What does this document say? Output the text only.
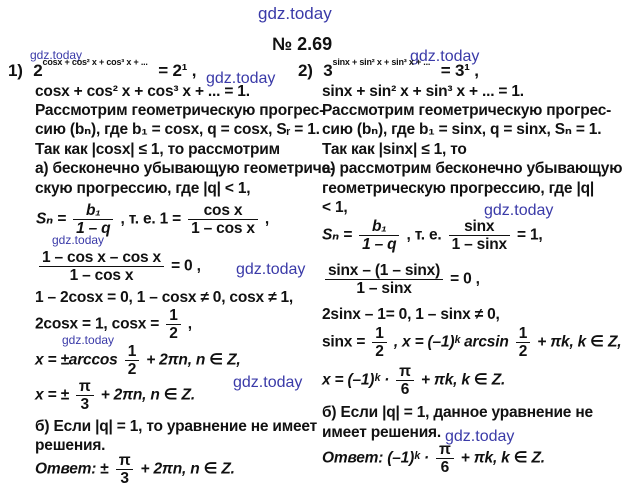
gdz.today
gdz.today
gdz.today
gdz.today
gdz.today
gdz.today
gdz.today
gdz.today
gdz.today
gdz.today
№ 2.69
1) $2^{cosx + cos^2 x + cos^3 x + ...} = 2^1$ ,
cosx + cos² x + cos³ x + ... = 1.
Рассмотрим геометрическую прогрес-
сию (bₙ), где b₁ = cosx, q = cosx, Sᵣ = 1.
Так как |cosx| ≤ 1, то рассмотрим
а) бесконечно убывающую геометриче-
скую прогрессию, где |q| < 1,
$S_n = \frac{\text{b₁}}{1 - q}$ , т. е. $1 = \frac{\text{cos x}}{\text{1 – cos x}}$ ,
$\frac{\text{1 – cos x – cos x}}{\text{1 – cos x}} = 0$ ,
1 – 2cosx = 0, 1 – cosx ≠ 0, cosx ≠ 1,
2cosx = 1, $\cos x = \frac{1}{2}$ ,
$x = \pm\arccos \frac{1}{2} + 2\pi n$, n ∈ Z,
x = ± $\frac{\pi}{3} + 2\pi n$, n ∈ Z.
б) Если |q| = 1, то уравнение не имеет
решения.
Ответ: ± $\frac{\pi}{3} + 2\pi n$, n ∈ Z.
2) $3^{sinx + sin^2 x + sin^3 x + ...} = 3^1$ ,
sinx + sin² x + sin³ x + ... = 1.
Рассмотрим геометрическую прогрес-
сию (bₙ), где b₁ = sinx, q = sinx, Sₙ = 1.
Так как |sinx| ≤ 1, то
а) рассмотрим бесконечно убывающую
геометрическую прогрессию, где |q|
< 1,
$S_n = \frac{\text{b₁}}{1 - q}$ , т. е. $\frac{\sin x}{1 - \sin x} = 1$,
$\frac{\sin x - (1 - \sin x)}{1 - \sin x} = 0$ ,
2sinx – 1= 0, 1 – sinx ≠ 0,
$\sin x = \frac{1}{2}$ , x = (–1)ᵏ $\arcsin \frac{1}{2} + \pi k$, k ∈ Z,
x = (–1)ᵏ · $\frac{\pi}{6} + \pi k$, k ∈ Z.
б) Если |q| = 1, данное уравнение не
имеет решения.
Ответ: (–1)ᵏ · $\frac{\pi}{6} + \pi k$, k ∈ Z.
